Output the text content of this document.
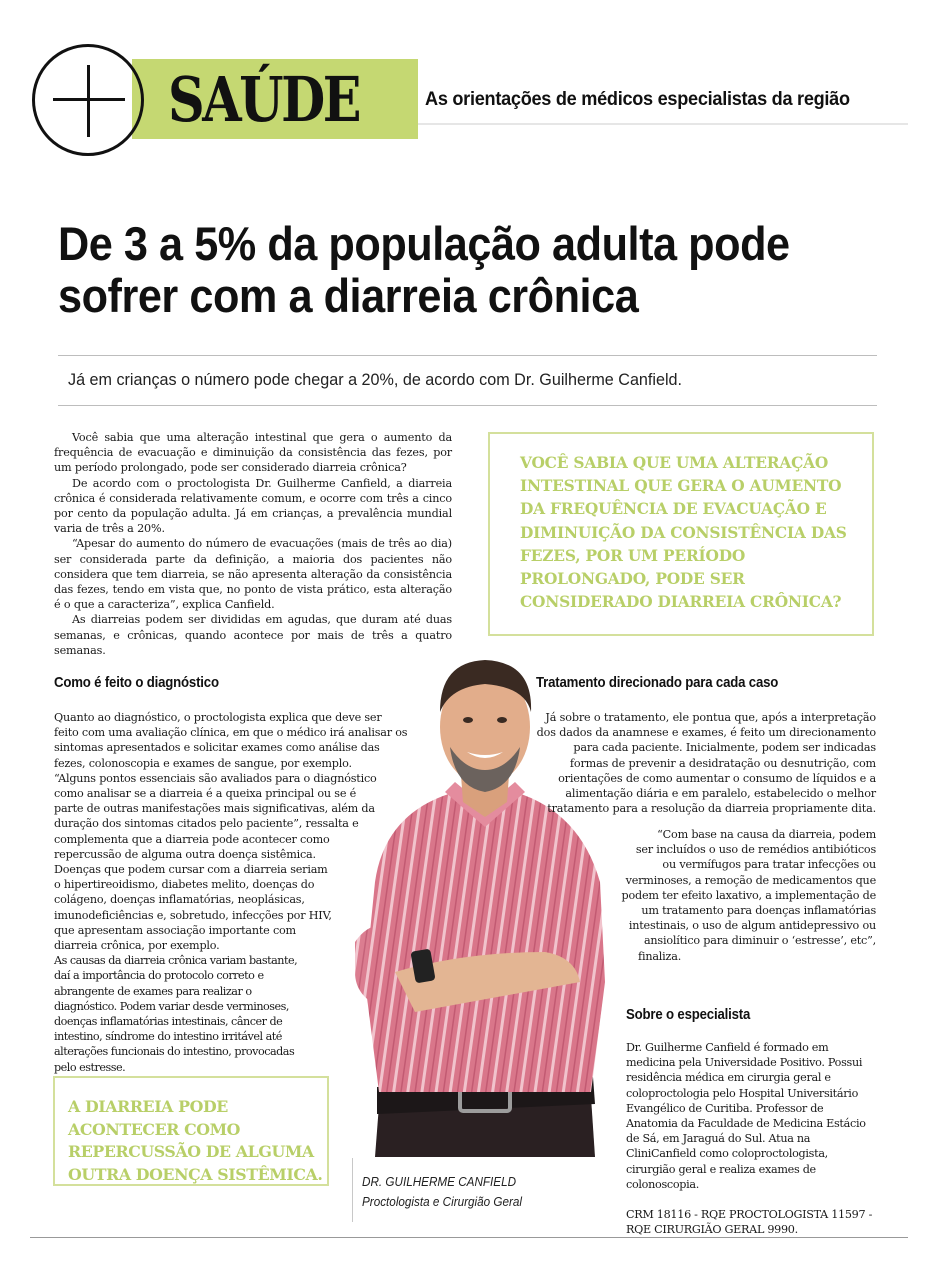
SAÚDE	As orientações de médicos especialistas da região
De 3 a 5% da população adulta pode
sofrer com a diarreia crônica
Já em crianças o número pode chegar a 20%, de acordo com Dr. Guilherme Canfield.

Você sabia que uma alteração intestinal que gera o aumento da frequência de evacuação e diminuição da consistência das fezes, por um período prolongado, pode ser considerado diarreia crônica?

De acordo com o proctologista Dr. Guilherme Canfield, a diarreia crônica é considerada relativamente comum, e ocorre com três a cinco por cento da população adulta. Já em crianças, a prevalência mundial varia de três a 20%.

“Apesar do aumento do número de evacuações (mais de três ao dia) ser considerada parte da definição, a maioria dos pacientes não considera que tem diarreia, se não apresenta alteração da consistência das fezes, tendo em vista que, no ponto de vista prático, esta alteração é o que a caracteriza”, explica Canfield.

As diarreias podem ser divididas em agudas, que duram até duas semanas, e crônicas, quando acontece por mais de três a quatro semanas.

VOCÊ SABIA QUE UMA ALTERAÇÃO INTESTINAL QUE GERA O AUMENTO DA FREQUÊNCIA DE EVACUAÇÃO E DIMINUIÇÃO DA CONSISTÊNCIA DAS FEZES, POR UM PERÍODO PROLONGADO, PODE SER CONSIDERADO DIARREIA CRÔNICA?
Como é feito o diagnóstico

Quanto ao diagnóstico, o proctologista explica que deve ser feito com uma avaliação clínica, em que o médico irá analisar os sintomas apresentados e solicitar exames como análise das fezes, colonoscopia e exames de sangue, por exemplo.

“Alguns pontos essenciais são avaliados para o diagnóstico como analisar se a diarreia é a queixa principal ou se é parte de outras manifestações mais significativas, além da duração dos sintomas citados pelo paciente”, ressalta e complementa que a diarreia pode acontecer como repercussão de alguma outra doença sistêmica.

Doenças que podem cursar com a diarreia seriam o hipertireoidismo, diabetes melito, doenças do colágeno, doenças inflamatórias, neoplásicas, imunodeficiências e, sobretudo, infecções por HIV, que apresentam associação importante com diarreia crônica, por exemplo.

As causas da diarreia crônica variam bastante, daí a importância do protocolo correto e abrangente de exames para realizar o diagnóstico. Podem variar desde verminoses, doenças inflamatórias intestinais, câncer de intestino, síndrome do intestino irritável até alterações funcionais do intestino, provocadas pelo estresse.

DR. GUILHERME CANFIELD
Proctologista e Cirurgião Geral
Tratamento direcionado para cada caso

Já sobre o tratamento, ele pontua que, após a interpretação dos dados da anamnese e exames, é feito um direcionamento para cada paciente. Inicialmente, podem ser indicadas formas de prevenir a desidratação ou desnutrição, com orientações de como aumentar o consumo de líquidos e a alimentação diária e em paralelo, estabelecido o melhor tratamento para a resolução da diarreia propriamente dita.

“Com base na causa da diarreia, podem ser incluídos o uso de remédios antibióticos ou vermífugos para tratar infecções ou verminoses, a remoção de medicamentos que podem ter efeito laxativo, a implementação de um tratamento para doenças inflamatórias intestinais, o uso de algum antidepressivo ou ansiolítico para diminuir o ‘estresse’, etc”,

finaliza.

Sobre o especialista

Dr. Guilherme Canfield é formado em medicina pela Universidade Positivo. Possui residência médica em cirurgia geral e coloproctologia pelo Hospital Universitário Evangélico de Curitiba. Professor de Anatomia da Faculdade de Medicina Estácio de Sá, em Jaraguá do Sul. Atua na CliniCanfield como coloproctologista, cirurgião geral e realiza exames de colonoscopia.

CRM 18116 - RQE PROCTOLOGISTA 11597 - RQE CIRURGIÃO GERAL 9990.

A DIARREIA PODE ACONTECER COMO REPERCUSSÃO DE ALGUMA OUTRA DOENÇA SISTÊMICA.
